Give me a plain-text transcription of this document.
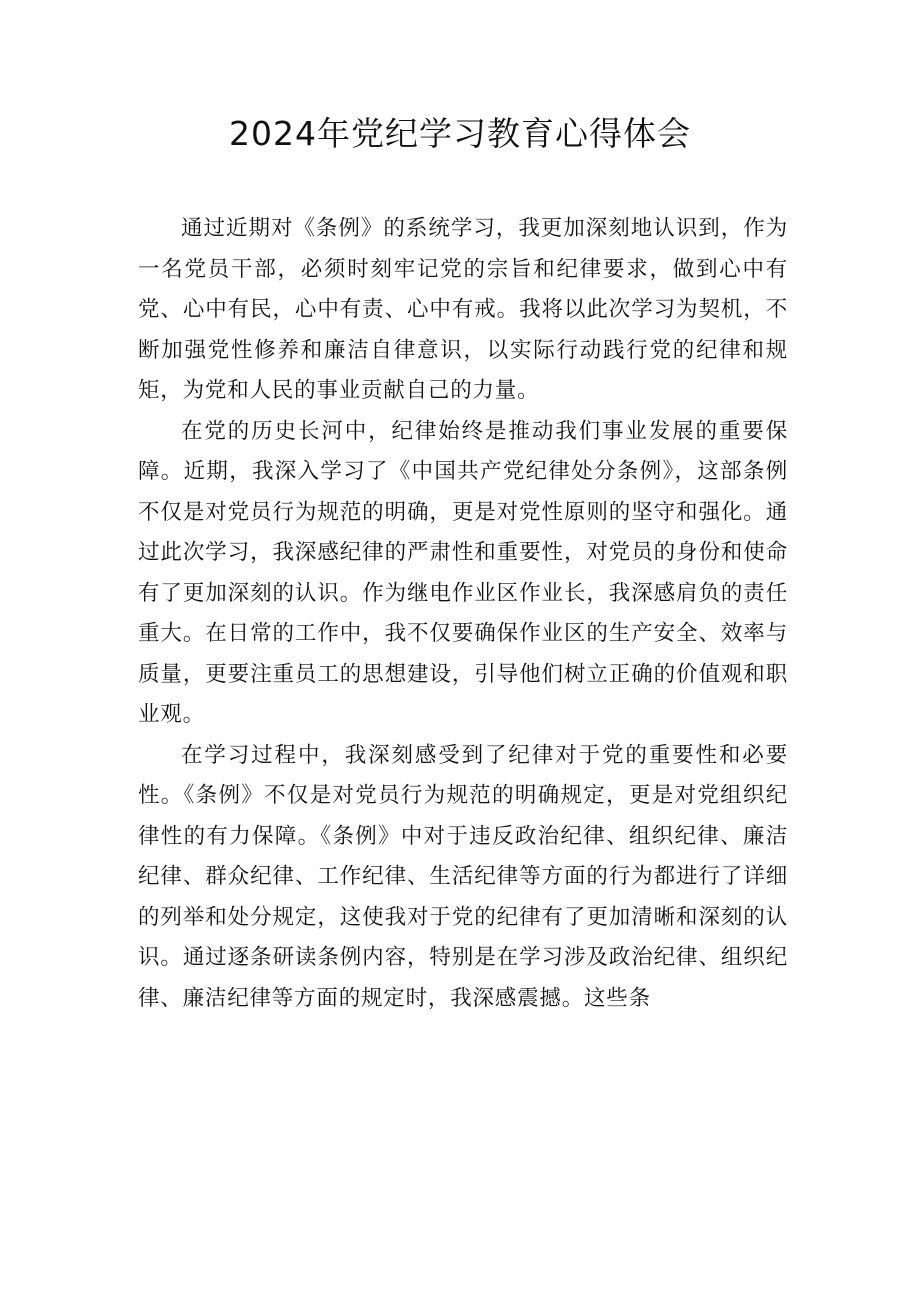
2024年党纪学习教育心得体会

通过近期对《条例》的系统学习，我更加深刻地认识到，作为一名党员干部，必须时刻牢记党的宗旨和纪律要求，做到心中有党、心中有民，心中有责、心中有戒。我将以此次学习为契机，不断加强党性修养和廉洁自律意识，以实际行动践行党的纪律和规矩，为党和人民的事业贡献自己的力量。

在党的历史长河中，纪律始终是推动我们事业发展的重要保障。近期，我深入学习了《中国共产党纪律处分条例》，这部条例不仅是对党员行为规范的明确，更是对党性原则的坚守和强化。通过此次学习，我深感纪律的严肃性和重要性，对党员的身份和使命有了更加深刻的认识。作为继电作业区作业长，我深感肩负的责任重大。在日常的工作中，我不仅要确保作业区的生产安全、效率与质量，更要注重员工的思想建设，引导他们树立正确的价值观和职业观。

在学习过程中，我深刻感受到了纪律对于党的重要性和必要性。《条例》不仅是对党员行为规范的明确规定，更是对党组织纪律性的有力保障。《条例》中对于违反政治纪律、组织纪律、廉洁纪律、群众纪律、工作纪律、生活纪律等方面的行为都进行了详细的列举和处分规定，这使我对于党的纪律有了更加清晰和深刻的认识。通过逐条研读条例内容，特别是在学习涉及政治纪律、组织纪律、廉洁纪律等方面的规定时，我深感震撼。这些条
